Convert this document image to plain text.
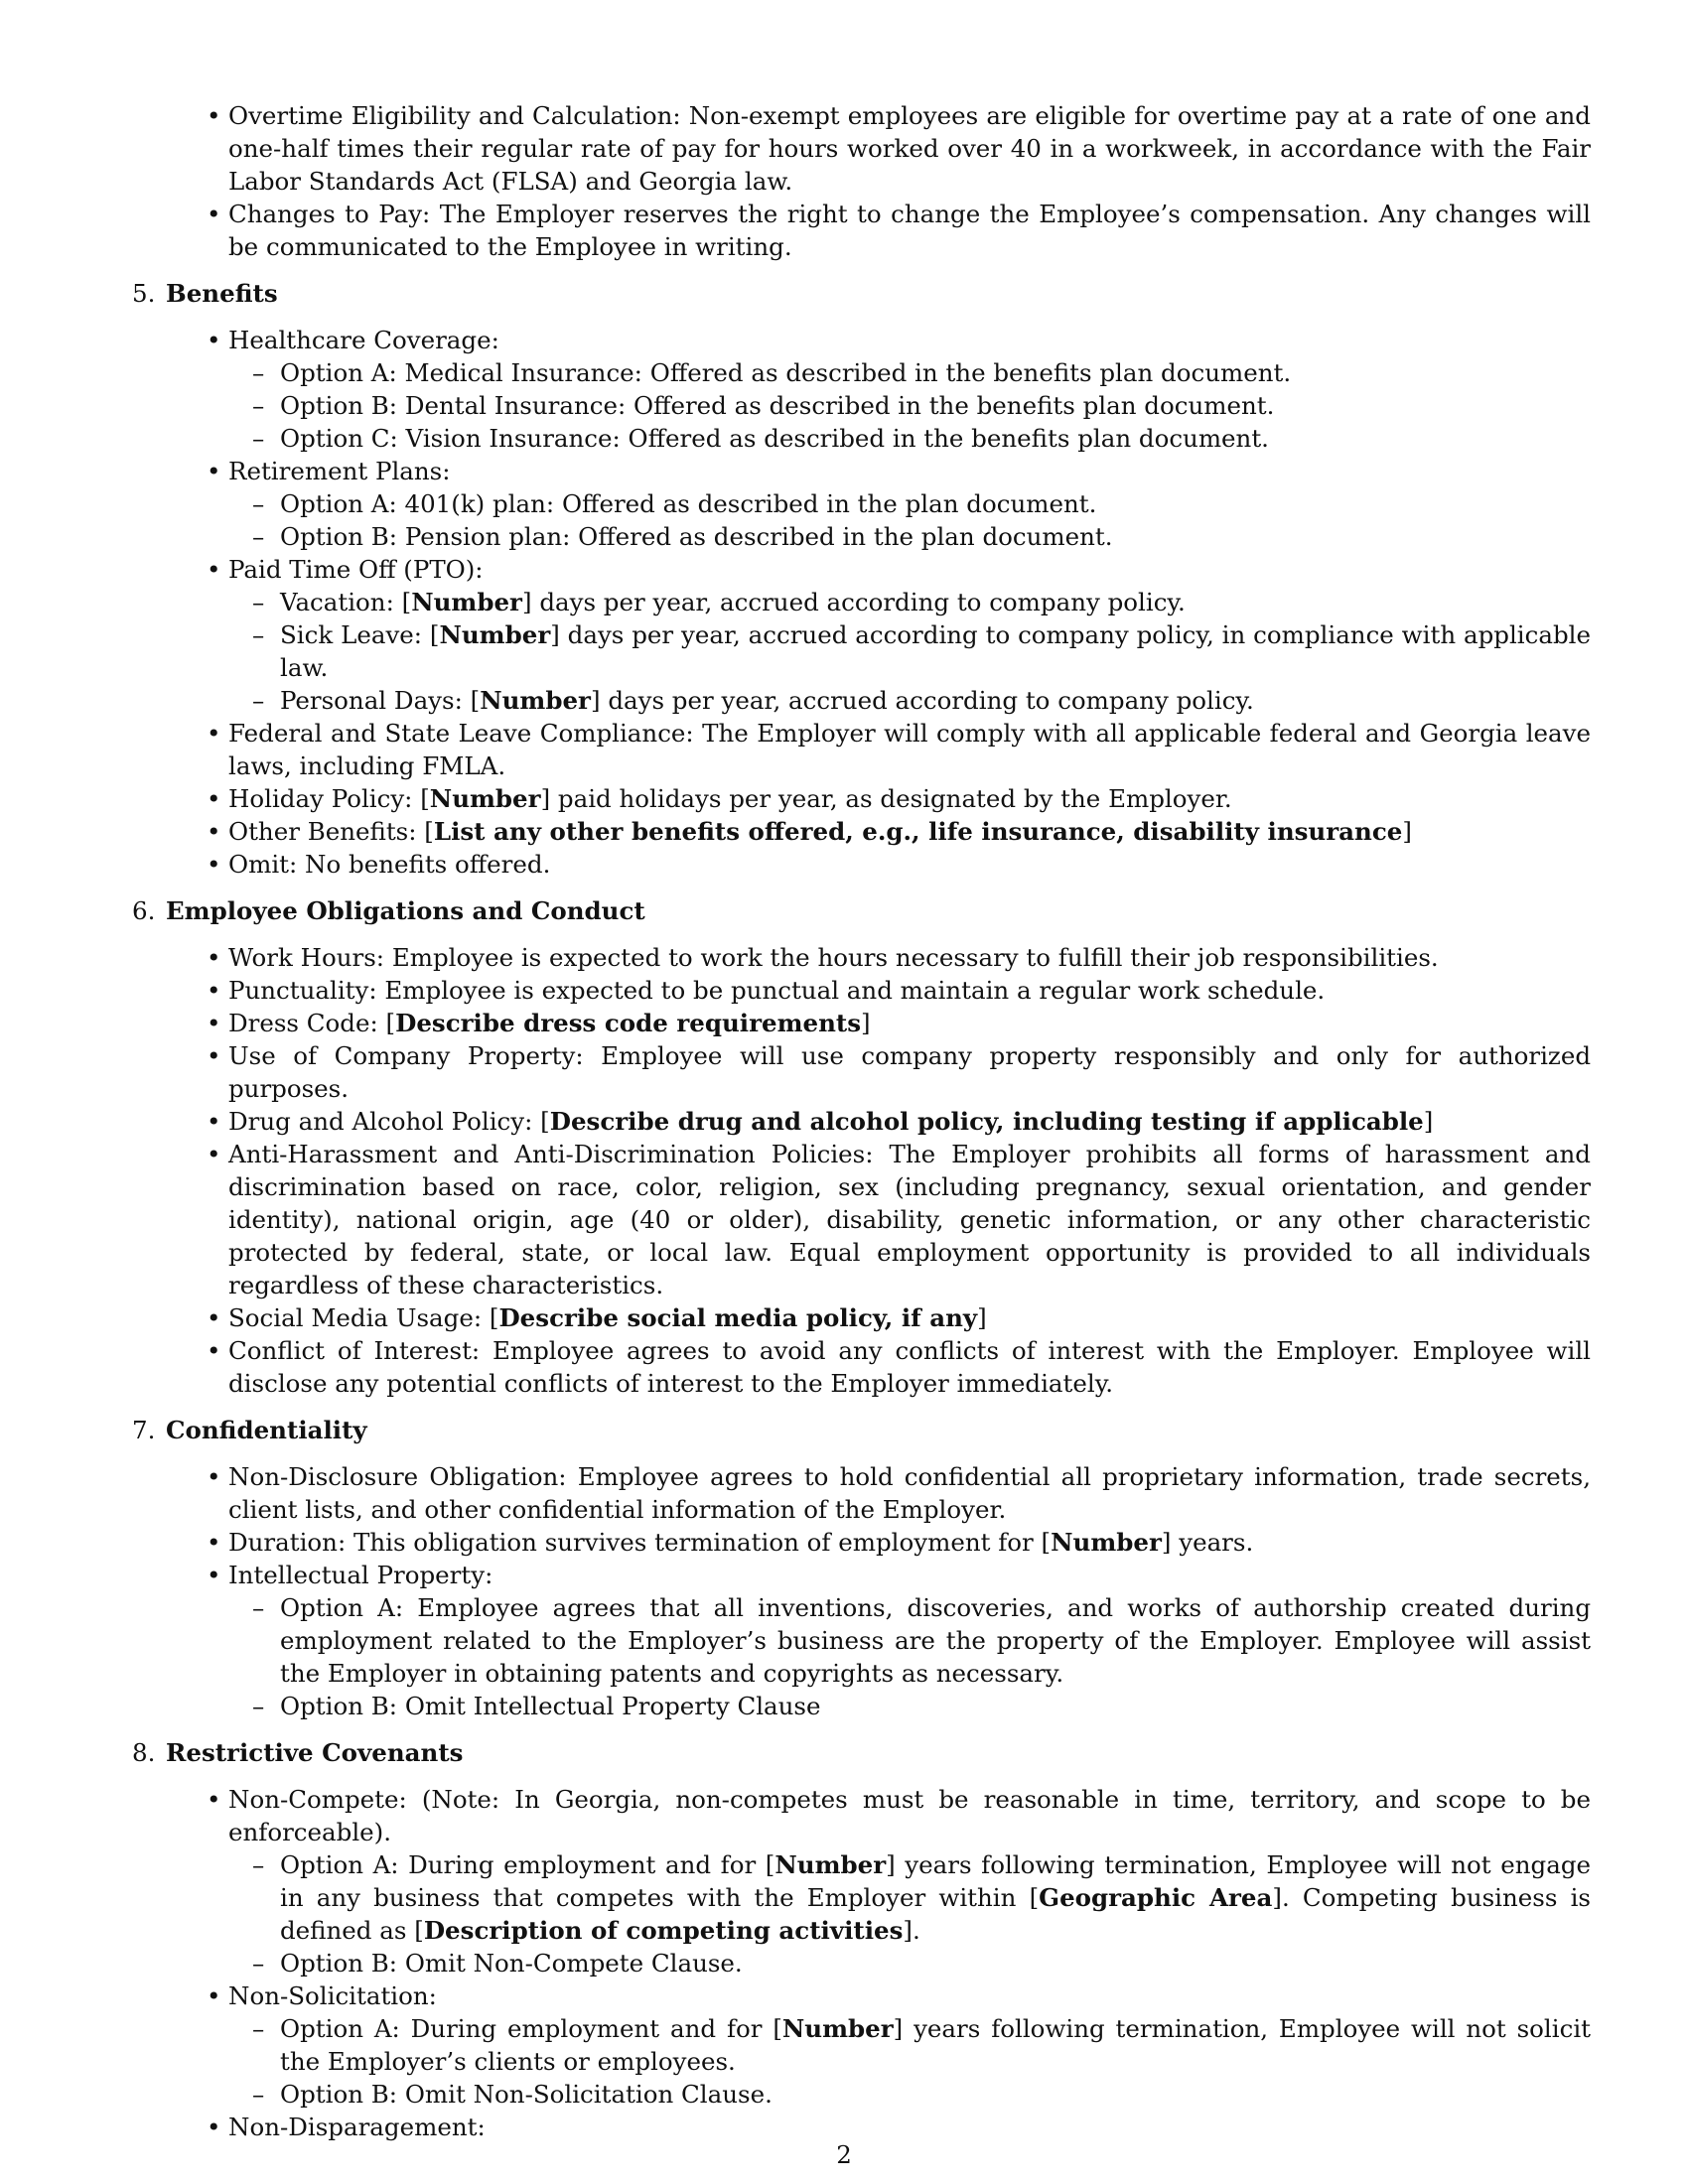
• Overtime Eligibility and Calculation: Non-exempt employees are eligible for overtime pay at a rate of one and one-half times their regular rate of pay for hours worked over 40 in a workweek, in accordance with the Fair Labor Standards Act (FLSA) and Georgia law.
• Changes to Pay: The Employer reserves the right to change the Employee’s compensation. Any changes will be communicated to the Employee in writing.
5. Benefits
• Healthcare Coverage:
– Option A: Medical Insurance: Offered as described in the benefits plan document.
– Option B: Dental Insurance: Offered as described in the benefits plan document.
– Option C: Vision Insurance: Offered as described in the benefits plan document.
• Retirement Plans:
– Option A: 401(k) plan: Offered as described in the plan document.
– Option B: Pension plan: Offered as described in the plan document.
• Paid Time Off (PTO):
– Vacation: [Number] days per year, accrued according to company policy.
– Sick Leave: [Number] days per year, accrued according to company policy, in compliance with applicable law.
– Personal Days: [Number] days per year, accrued according to company policy.
• Federal and State Leave Compliance: The Employer will comply with all applicable federal and Georgia leave laws, including FMLA.
• Holiday Policy: [Number] paid holidays per year, as designated by the Employer.
• Other Benefits: [List any other benefits offered, e.g., life insurance, disability insurance]
• Omit: No benefits offered.
6. Employee Obligations and Conduct
• Work Hours: Employee is expected to work the hours necessary to fulfill their job responsibilities.
• Punctuality: Employee is expected to be punctual and maintain a regular work schedule.
• Dress Code: [Describe dress code requirements]
• Use of Company Property: Employee will use company property responsibly and only for authorized purposes.
• Drug and Alcohol Policy: [Describe drug and alcohol policy, including testing if applicable]
• Anti-Harassment and Anti-Discrimination Policies: The Employer prohibits all forms of harassment and discrimination based on race, color, religion, sex (including pregnancy, sexual orientation, and gender identity), national origin, age (40 or older), disability, genetic information, or any other characteristic protected by federal, state, or local law. Equal employment opportunity is provided to all individuals regardless of these characteristics.
• Social Media Usage: [Describe social media policy, if any]
• Conflict of Interest: Employee agrees to avoid any conflicts of interest with the Employer. Employee will disclose any potential conflicts of interest to the Employer immediately.
7. Confidentiality
• Non-Disclosure Obligation: Employee agrees to hold confidential all proprietary information, trade secrets, client lists, and other confidential information of the Employer.
• Duration: This obligation survives termination of employment for [Number] years.
• Intellectual Property:
– Option A: Employee agrees that all inventions, discoveries, and works of authorship created during employment related to the Employer’s business are the property of the Employer. Employee will assist the Employer in obtaining patents and copyrights as necessary.
– Option B: Omit Intellectual Property Clause
8. Restrictive Covenants
• Non-Compete: (Note: In Georgia, non-competes must be reasonable in time, territory, and scope to be enforceable).
– Option A: During employment and for [Number] years following termination, Employee will not engage in any business that competes with the Employer within [Geographic Area]. Competing business is defined as [Description of competing activities].
– Option B: Omit Non-Compete Clause.
• Non-Solicitation:
– Option A: During employment and for [Number] years following termination, Employee will not solicit the Employer’s clients or employees.
– Option B: Omit Non-Solicitation Clause.
• Non-Disparagement:
2
